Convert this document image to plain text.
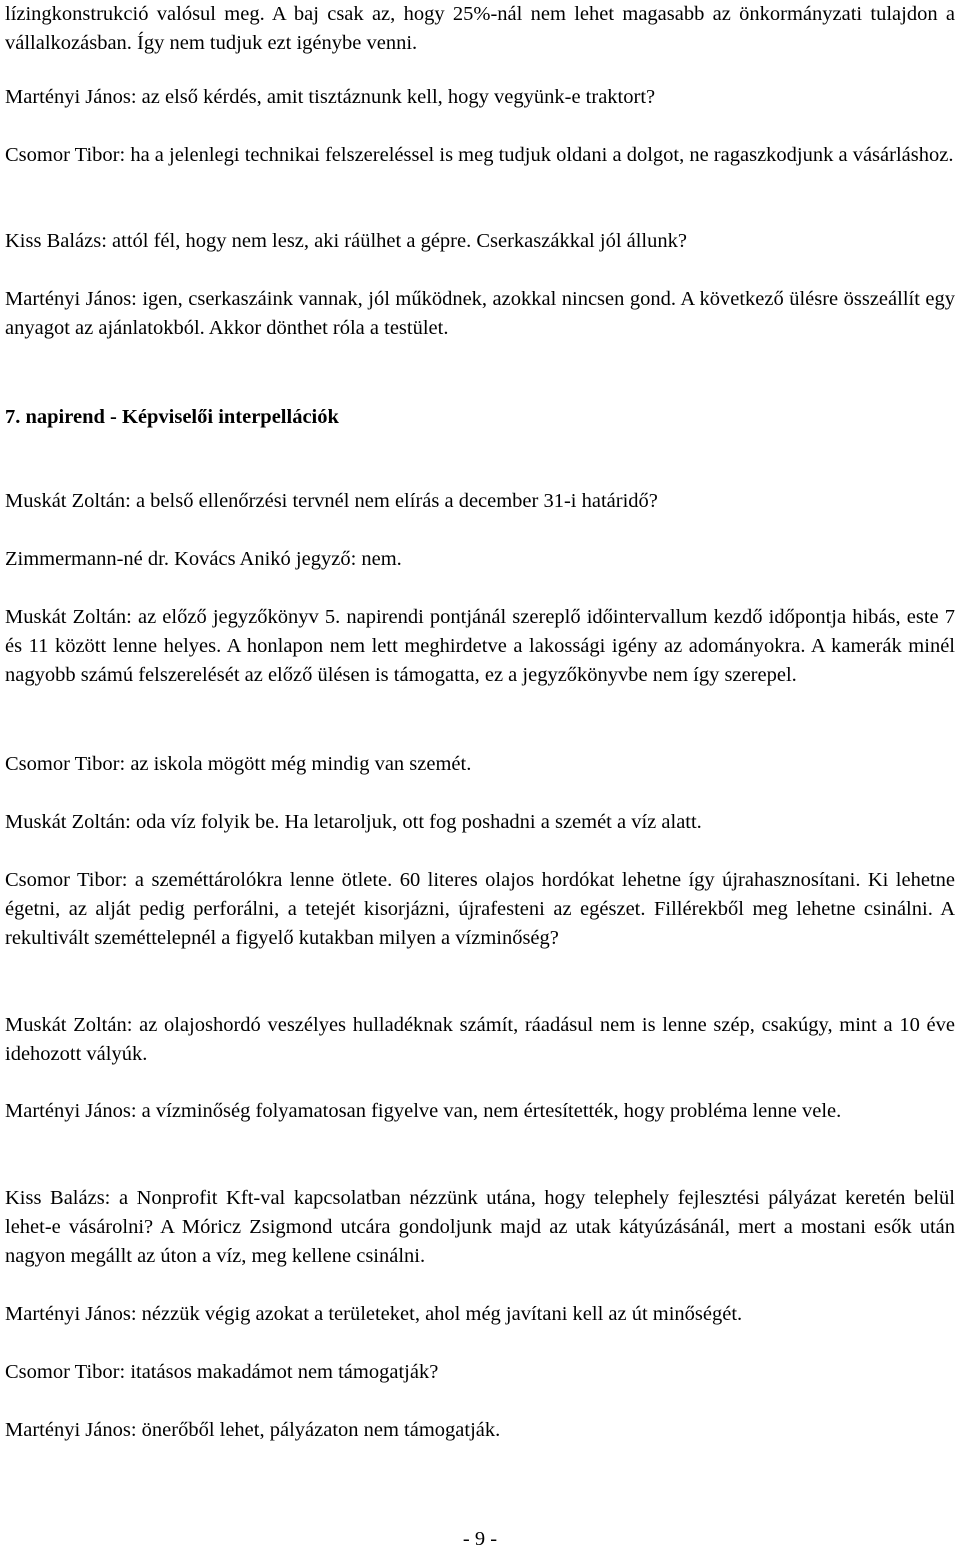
lízingkonstrukció valósul meg. A baj csak az, hogy 25%-nál nem lehet magasabb az önkormányzati tulajdon a vállalkozásban. Így nem tudjuk ezt igénybe venni.

Martényi János: az első kérdés, amit tisztáznunk kell, hogy vegyünk-e traktort?

Csomor Tibor: ha a jelenlegi technikai felszereléssel is meg tudjuk oldani a dolgot, ne ragaszkodjunk a vásárláshoz.

Kiss Balázs: attól fél, hogy nem lesz, aki ráülhet a gépre. Cserkaszákkal jól állunk?

Martényi János: igen, cserkaszáink vannak, jól működnek, azokkal nincsen gond. A következő ülésre összeállít egy anyagot az ajánlatokból. Akkor dönthet róla a testület.

7. napirend - Képviselői interpellációk

Muskát Zoltán: a belső ellenőrzési tervnél nem elírás a december 31-i határidő?

Zimmermann-né dr. Kovács Anikó jegyző: nem.

Muskát Zoltán: az előző jegyzőkönyv 5. napirendi pontjánál szereplő időintervallum kezdő időpontja hibás, este 7 és 11 között lenne helyes. A honlapon nem lett meghirdetve a lakossági igény az adományokra. A kamerák minél nagyobb számú felszerelését az előző ülésen is támogatta, ez a jegyzőkönyvbe nem így szerepel.

Csomor Tibor: az iskola mögött még mindig van szemét.

Muskát Zoltán: oda víz folyik be. Ha letaroljuk, ott fog poshadni a szemét a víz alatt.

Csomor Tibor: a szeméttárolókra lenne ötlete. 60 literes olajos hordókat lehetne így újrahasznosítani. Ki lehetne égetni, az alját pedig perforálni, a tetejét kisorjázni, újrafesteni az egészet. Fillérekből meg lehetne csinálni. A rekultivált szeméttelepnél a figyelő kutakban milyen a vízminőség?

Muskát Zoltán: az olajoshordó veszélyes hulladéknak számít, ráadásul nem is lenne szép, csakúgy, mint a 10 éve idehozott vályúk.

Martényi János: a vízminőség folyamatosan figyelve van, nem értesítették, hogy probléma lenne vele.

Kiss Balázs: a Nonprofit Kft-val kapcsolatban nézzünk utána, hogy telephely fejlesztési pályázat keretén belül lehet-e vásárolni? A Móricz Zsigmond utcára gondoljunk majd az utak kátyúzásánál, mert a mostani esők után nagyon megállt az úton a víz, meg kellene csinálni.

Martényi János: nézzük végig azokat a területeket, ahol még javítani kell az út minőségét.

Csomor Tibor: itatásos makadámot nem támogatják?

Martényi János: önerőből lehet, pályázaton nem támogatják.

- 9 -
